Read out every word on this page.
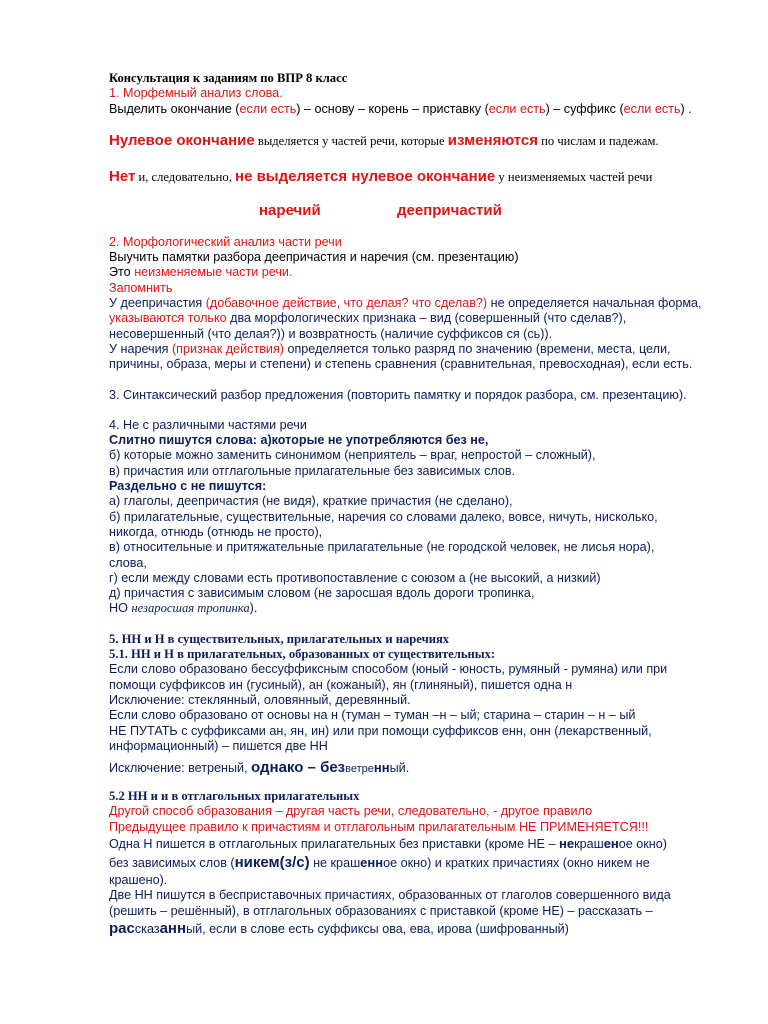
Консультация к заданиям по ВПР 8 класс
1. Морфемный анализ слова.
Выделить окончание (если есть) – основу – корень – приставку (если есть) – суффикс (если есть) .
Нулевое окончание выделяется у частей речи, которые изменяются по числам и падежам.
Нет и, следовательно, не выделяется нулевое окончание у неизменяемых частей речи
наречий	деепричастий
2. Морфологический анализ части речи
Выучить памятки разбора деепричастия и наречия (см. презентацию)
Это неизменяемые части речи.
Запомнить
У деепричастия (добавочное действие, что делая? что сделав?) не определяется начальная форма,
указываются только два морфологических признака – вид (совершенный (что сделав?),
несовершенный (что делая?)) и возвратность (наличие суффиксов ся (сь)).
У наречия (признак действия) определяется только разряд по значению (времени, места, цели,
причины, образа, меры и степени) и степень сравнения (сравнительная, превосходная), если есть.
3. Синтаксический разбор предложения (повторить памятку и порядок разбора, см. презентацию).
4. Не с различными частями речи
Слитно пишутся слова: а)которые не употребляются без не,
б) которые можно заменить синонимом (неприятель – враг, непростой – сложный),
в) причастия или отглагольные прилагательные без зависимых слов.
Раздельно с не пишутся:
а) глаголы, деепричастия (не видя), краткие причастия (не сделано),
б) прилагательные, существительные, наречия со словами далеко, вовсе, ничуть, нисколько,
никогда, отнюдь (отнюдь не просто),
в) относительные и притяжательные прилагательные (не городской человек, не лисья нора),
слова,
г) если между словами есть противопоставление с союзом а (не высокий, а низкий)
д) причастия с зависимым словом (не заросшая вдоль дороги тропинка,
НО незаросшая тропинка).
5. НН и Н в существительных, прилагательных и наречиях
5.1. НН и Н в прилагательных, образованных от существительных:
Если слово образовано бессуффиксным способом (юный - юность, румяный - румяна) или при
помощи суффиксов ин (гусиный), ан (кожаный), ян (глиняный), пишется одна н
Исключение: стеклянный, оловянный, деревянный.
Если слово образовано от основы на н (туман – туман –н – ый; старина – старин – н – ый
НЕ ПУТАТЬ с суффиксами ан, ян, ин) или при помощи суффиксов енн, онн (лекарственный,
информационный) – пишется две НН
Исключение: ветреный, однако – безветренный.
5.2 НН и н в отглагольных прилагательных
Другой способ образования – другая часть речи, следовательно, - другое правило
Предыдущее правило к причастиям и отглагольным прилагательным НЕ ПРИМЕНЯЕТСЯ!!!
Одна Н пишется в отглагольных прилагательных без приставки (кроме НЕ – некрашеное окно)
без зависимых слов (никем(з/с) не крашенное окно) и кратких причастиях (окно никем не
крашено).
Две НН пишутся в бесприставочных причастиях, образованных от глаголов совершенного вида
(решить – решённый), в отглагольных образованиях с приставкой (кроме НЕ) – рассказать –
рассказанный, если в слове есть суффиксы ова, ева, ирова (шифрованный)
